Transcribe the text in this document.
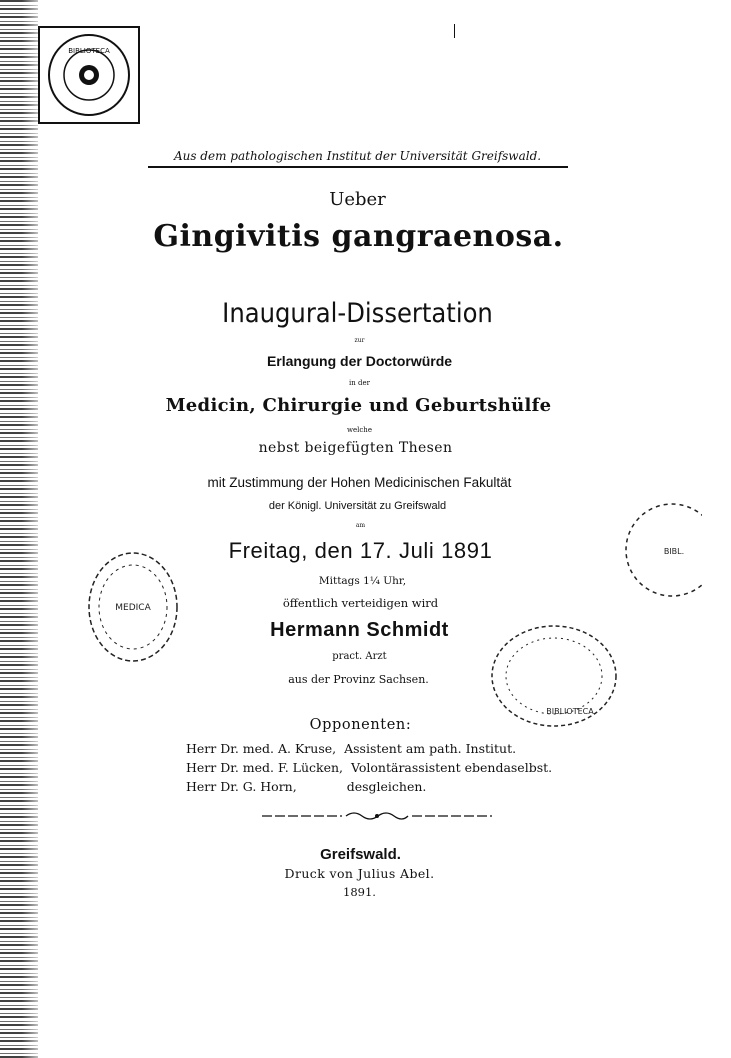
BIBLIOTECA
MEDICA
BIBL.
BIBLIOTECA

Aus dem pathologischen Institut der Universität Greifswald.

Ueber

Gingivitis gangraenosa.

Inaugural-Dissertation

zur

Erlangung der Doctorwürde

in der

Medicin, Chirurgie und Geburtshülfe

welche

nebst beigefügten Thesen

mit Zustimmung der Hohen Medicinischen Fakultät

der Königl. Universität zu Greifswald

am

Freitag, den 17. Juli 1891

Mittags 1¼ Uhr,

öffentlich verteidigen wird

Hermann Schmidt

pract. Arzt

aus der Provinz Sachsen.

Opponenten:

Herr Dr. med. A. Kruse, Assistent am path. Institut.

Herr Dr. med. F. Lücken, Volontärassistent ebendaselbst.

Herr Dr. G. Horn,	desgleichen.

Greifswald.

Druck von Julius Abel.

1891.
